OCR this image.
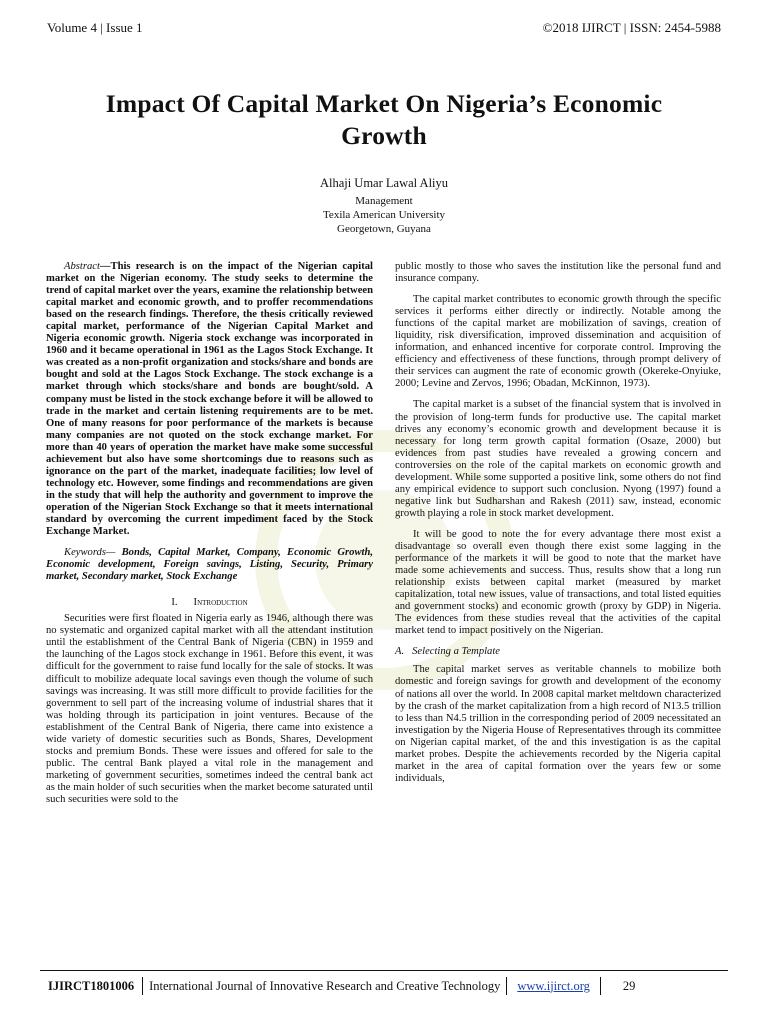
Volume 4 | Issue 1	©2018 IJIRCT | ISSN: 2454-5988
Impact Of Capital Market On Nigeria’s Economic
Growth
Alhaji Umar Lawal Aliyu
Management
Texila American University
Georgetown, Guyana

Abstract—This research is on the impact of the Nigerian capital market on the Nigerian economy. The study seeks to determine the trend of capital market over the years, examine the relationship between capital market and economic growth, and to proffer recommendations based on the research findings. Therefore, the thesis critically reviewed capital market, performance of the Nigerian Capital Market and Nigeria economic growth. Nigeria stock exchange was incorporated in 1960 and it became operational in 1961 as the Lagos Stock Exchange. It was created as a non-profit organization and stocks/share and bonds are bought and sold at the Lagos Stock Exchange. The stock exchange is a market through which stocks/share and bonds are bought/sold. A company must be listed in the stock exchange before it will be allowed to trade in the market and certain listening requirements are to be met. One of many reasons for poor performance of the markets is because many companies are not quoted on the stock exchange market. For more than 40 years of operation the market have make some successful achievement but also have some shortcomings due to reasons such as ignorance on the part of the market, inadequate facilities; low level of technology etc. However, some findings and recommendations are given in the study that will help the authority and government to improve the operation of the Nigerian Stock Exchange so that it meets international standard by overcoming the current impediment faced by the Stock Exchange Market.

Keywords— Bonds, Capital Market, Company, Economic Growth, Economic development, Foreign savings, Listing, Security, Primary market, Secondary market, Stock Exchange

I. Introduction

Securities were first floated in Nigeria early as 1946, although there was no systematic and organized capital market with all the attendant institution until the establishment of the Central Bank of Nigeria (CBN) in 1959 and the launching of the Lagos stock exchange in 1961. Before this event, it was difficult for the government to raise fund locally for the sale of stocks. It was difficult to mobilize adequate local savings even though the volume of such savings was increasing. It was still more difficult to provide facilities for the government to sell part of the increasing volume of industrial shares that it was holding through its participation in joint ventures. Because of the establishment of the Central Bank of Nigeria, there came into existence a wide variety of domestic securities such as Bonds, Shares, Development stocks and premium Bonds. These were issues and offered for sale to the public. The central Bank played a vital role in the management and marketing of government securities, sometimes indeed the central bank act as the main holder of such securities when the market become saturated until such securities were sold to the

public mostly to those who saves the institution like the personal fund and insurance company.

The capital market contributes to economic growth through the specific services it performs either directly or indirectly. Notable among the functions of the capital market are mobilization of savings, creation of liquidity, risk diversification, improved dissemination and acquisition of information, and enhanced incentive for corporate control. Improving the efficiency and effectiveness of these functions, through prompt delivery of their services can augment the rate of economic growth (Okereke-Onyiuke, 2000; Levine and Zervos, 1996; Obadan, McKinnon, 1973).

The capital market is a subset of the financial system that is involved in the provision of long-term funds for productive use. The capital market drives any economy’s economic growth and development because it is necessary for long term growth capital formation (Osaze, 2000) but evidences from past studies have revealed a growing concern and controversies on the role of the capital markets on economic growth and development. While some supported a positive link, some others do not find any empirical evidence to support such conclusion. Nyong (1997) found a negative link but Sudharshan and Rakesh (2011) saw, instead, economic growth playing a role in stock market development.

It will be good to note the for every advantage there most exist a disadvantage so overall even though there exist some lagging in the performance of the markets it will be good to note that the market have made some achievements and success. Thus, results show that a long run relationship exists between capital market (measured by market capitalization, total new issues, value of transactions, and total listed equities and government stocks) and economic growth (proxy by GDP) in Nigeria. The evidences from these studies reveal that the activities of the capital market tend to impact positively on the Nigerian.

A. Selecting a Template

The capital market serves as veritable channels to mobilize both domestic and foreign savings for growth and development of the economy of nations all over the world. In 2008 capital market meltdown characterized by the crash of the market capitalization from a high record of N13.5 trillion to less than N4.5 trillion in the corresponding period of 2009 necessitated an investigation by the Nigeria House of Representatives through its committee on Nigerian capital market, of the and this investigation is as the capital market probes. Despite the achievements recorded by the Nigeria capital market in the area of capital formation over the years few or some individuals,

IJIRCT1801006	International Journal of Innovative Research and Creative Technology	www.ijirct.org	29
